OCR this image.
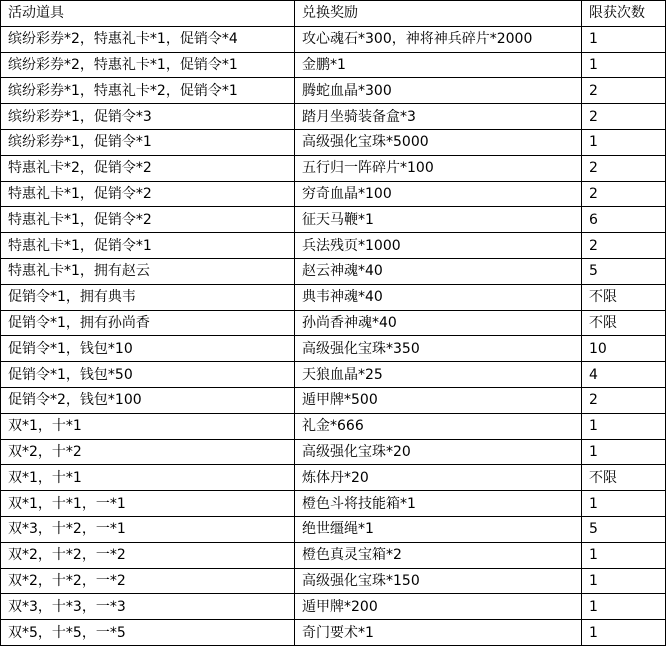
活动道具	兑换奖励	限获次数
缤纷彩券*2，特惠礼卡*1，促销令*4	攻心魂石*300，神将神兵碎片*2000	1
缤纷彩券*2，特惠礼卡*1，促销令*1	金鹏*1	1
缤纷彩券*1，特惠礼卡*2，促销令*1	腾蛇血晶*300	2
缤纷彩券*1，促销令*3	踏月坐骑装备盒*3	2
缤纷彩券*1，促销令*1	高级强化宝珠*5000	1
特惠礼卡*2，促销令*2	五行归一阵碎片*100	2
特惠礼卡*1，促销令*2	穷奇血晶*100	2
特惠礼卡*1，促销令*2	征天马鞭*1	6
特惠礼卡*1，促销令*1	兵法残页*1000	2
特惠礼卡*1，拥有赵云	赵云神魂*40	5
促销令*1，拥有典韦	典韦神魂*40	不限
促销令*1，拥有孙尚香	孙尚香神魂*40	不限
促销令*1，钱包*10	高级强化宝珠*350	10
促销令*1，钱包*50	天狼血晶*25	4
促销令*2，钱包*100	遁甲牌*500	2
双*1，十*1	礼金*666	1
双*2，十*2	高级强化宝珠*20	1
双*1，十*1	炼体丹*20	不限
双*1，十*1，一*1	橙色斗将技能箱*1	1
双*3，十*2，一*1	绝世缰绳*1	5
双*2，十*2，一*2	橙色真灵宝箱*2	1
双*2，十*2，一*2	高级强化宝珠*150	1
双*3，十*3，一*3	遁甲牌*200	1
双*5，十*5，一*5	奇门要术*1	1
